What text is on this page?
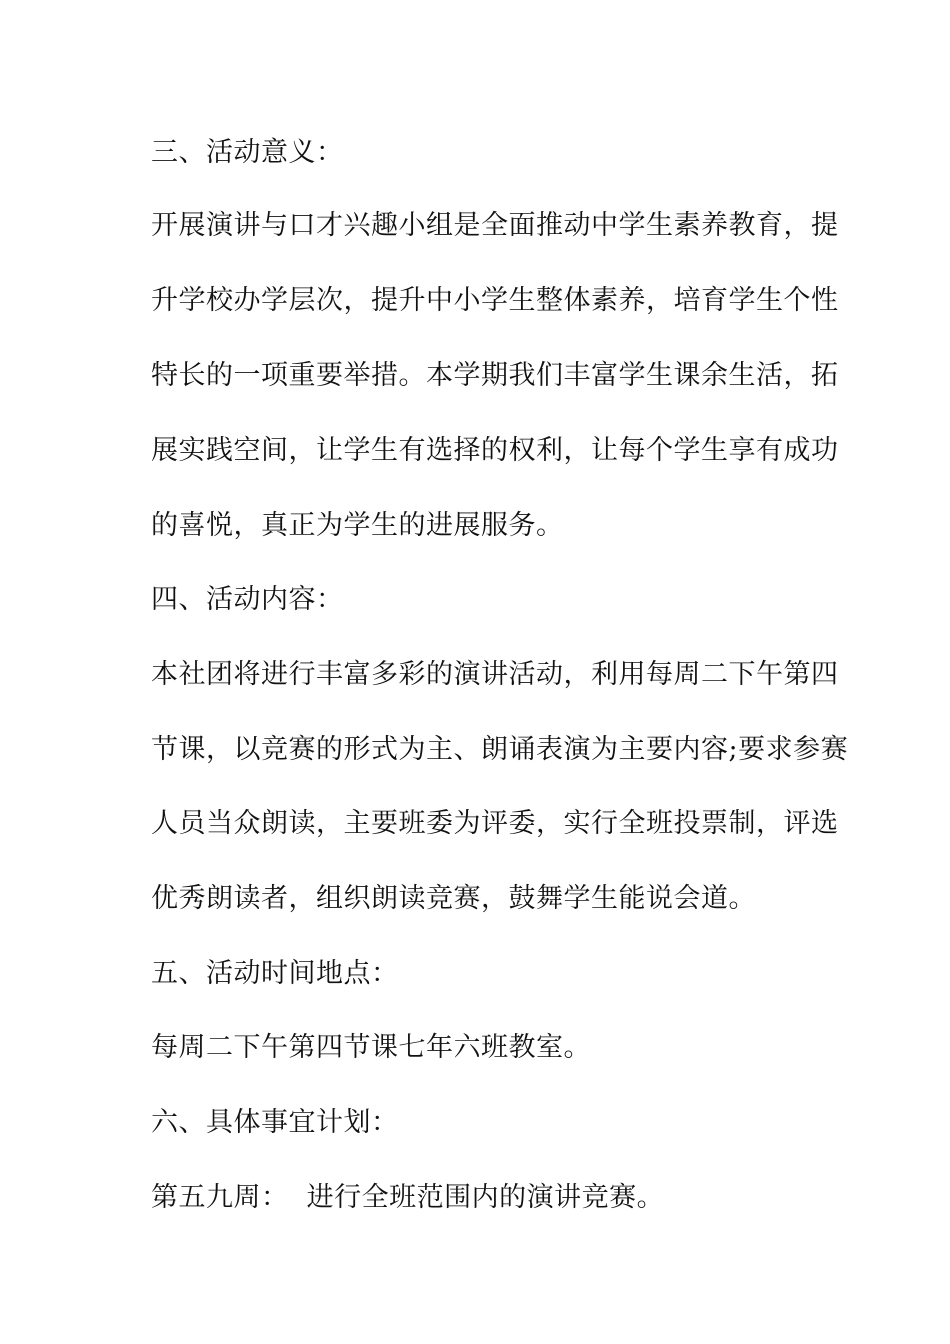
三、活动意义：
开展演讲与口才兴趣小组是全面推动中学生素养教育，提
升学校办学层次，提升中小学生整体素养，培育学生个性
特长的一项重要举措。本学期我们丰富学生课余生活，拓
展实践空间，让学生有选择的权利，让每个学生享有成功
的喜悦，真正为学生的进展服务。
四、活动内容：
本社团将进行丰富多彩的演讲活动，利用每周二下午第四
节课，以竞赛的形式为主、朗诵表演为主要内容;要求参赛
人员当众朗读，主要班委为评委，实行全班投票制，评选
优秀朗读者，组织朗读竞赛，鼓舞学生能说会道。
五、活动时间地点：
每周二下午第四节课七年六班教室。
六、具体事宜计划：
第五九周：  进行全班范围内的演讲竞赛。
